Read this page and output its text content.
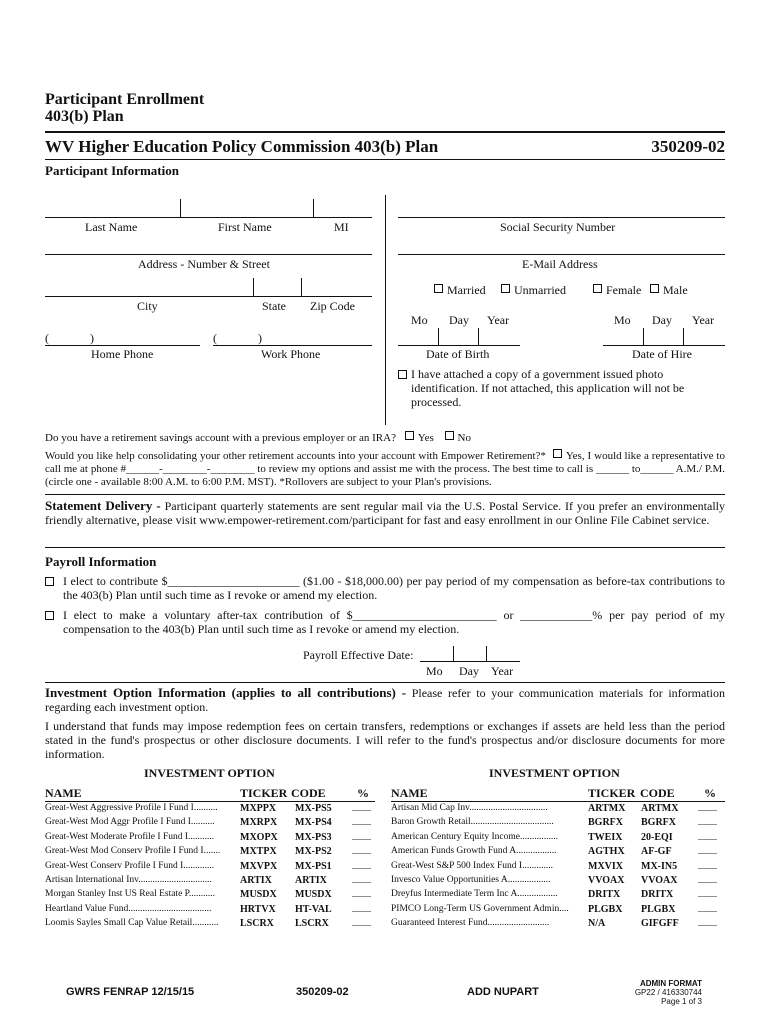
Participant Enrollment
403(b) Plan
WV Higher Education Policy Commission 403(b) Plan	350209-02
Participant Information
Last Name	First Name	MI	Social Security Number
Address - Number & Street	E-Mail Address
City	State Zip Code
Married	Unmarried	Female	Male
Mo Day Year	Mo Day Year
(	)
Home Phone
(	)
Work Phone	Date of Birth	Date of Hire
I have attached a copy of a government issued photo identification. If not attached, this application will not be processed.
Do you have a retirement savings account with a previous employer or an IRA? Yes No
Would you like help consolidating your other retirement accounts into your account with Empower Retirement?* Yes, I would like a representative to call me at phone #______-________-________ to review my options and assist me with the process. The best time to call is ______ to______ A.M./ P.M. (circle one - available 8:00 A.M. to 6:00 P.M. MST). *Rollovers are subject to your Plan's provisions.
Statement Delivery - Participant quarterly statements are sent regular mail via the U.S. Postal Service. If you prefer an environmentally friendly alternative, please visit www.empower-retirement.com/participant for fast and easy enrollment in our Online File Cabinet service.
Payroll Information
I elect to contribute $______________________ ($1.00 - $18,000.00) per pay period of my compensation as before-tax contributions to the 403(b) Plan until such time as I revoke or amend my election.
I elect to make a voluntary after-tax contribution of $________________________ or ____________% per pay period of my compensation to the 403(b) Plan until such time as I revoke or amend my election.
Payroll Effective Date:
Mo Day Year
Investment Option Information (applies to all contributions) - Please refer to your communication materials for information regarding each investment option.
I understand that funds may impose redemption fees on certain transfers, redemptions or exchanges if assets are held less than the period stated in the fund's prospectus or other disclosure documents. I will refer to the fund's prospectus and/or disclosure documents for more information.
INVESTMENT OPTION	INVESTMENT OPTION
NAME	TICKER CODE	% NAME	TICKER CODE %
Great-West Aggressive Profile I Fund I..........	MXPPX MX-PS5 ____
Great-West Mod Aggr Profile I Fund I..........	MXRPX MX-PS4 ____
Great-West Moderate Profile I Fund I...........	MXOPX MX-PS3 ____
Great-West Mod Conserv Profile I Fund I.......	MXTPX MX-PS2 ____
Great-West Conserv Profile I Fund I.............	MXVPX MX-PS1 ____
Artisan International Inv...............................	ARTIX ARTIX	____
Morgan Stanley Inst US Real Estate P...........	MUSDX MUSDX ____
Heartland Value Fund...................................	HRTVX HT-VAL ____
Loomis Sayles Small Cap Value Retail...........	LSCRX LSCRX ____
Artisan Mid Cap Inv.................................	ARTMX ARTMX ____
Baron Growth Retail...................................	BGRFX BGRFX ____
American Century Equity Income................	TWEIX 20-EQI	____
American Funds Growth Fund A.................	AGTHX AF-GF	____
Great-West S&P 500 Index Fund I.............	MXVIX MX-IN5 ____
Invesco Value Opportunities A..................	VVOAX VVOAX ____
Dreyfus Intermediate Term Inc A.................	DRITX DRITX	____
PIMCO Long-Term US Government Admin....	PLGBX PLGBX ____
Guaranteed Interest Fund..........................	N/A	GIFGFF ____
GWRS FENRAP 12/15/15	350209-02	ADD NUPART
ADMIN FORMAT
GP22 / 416330744
Page 1 of 3
